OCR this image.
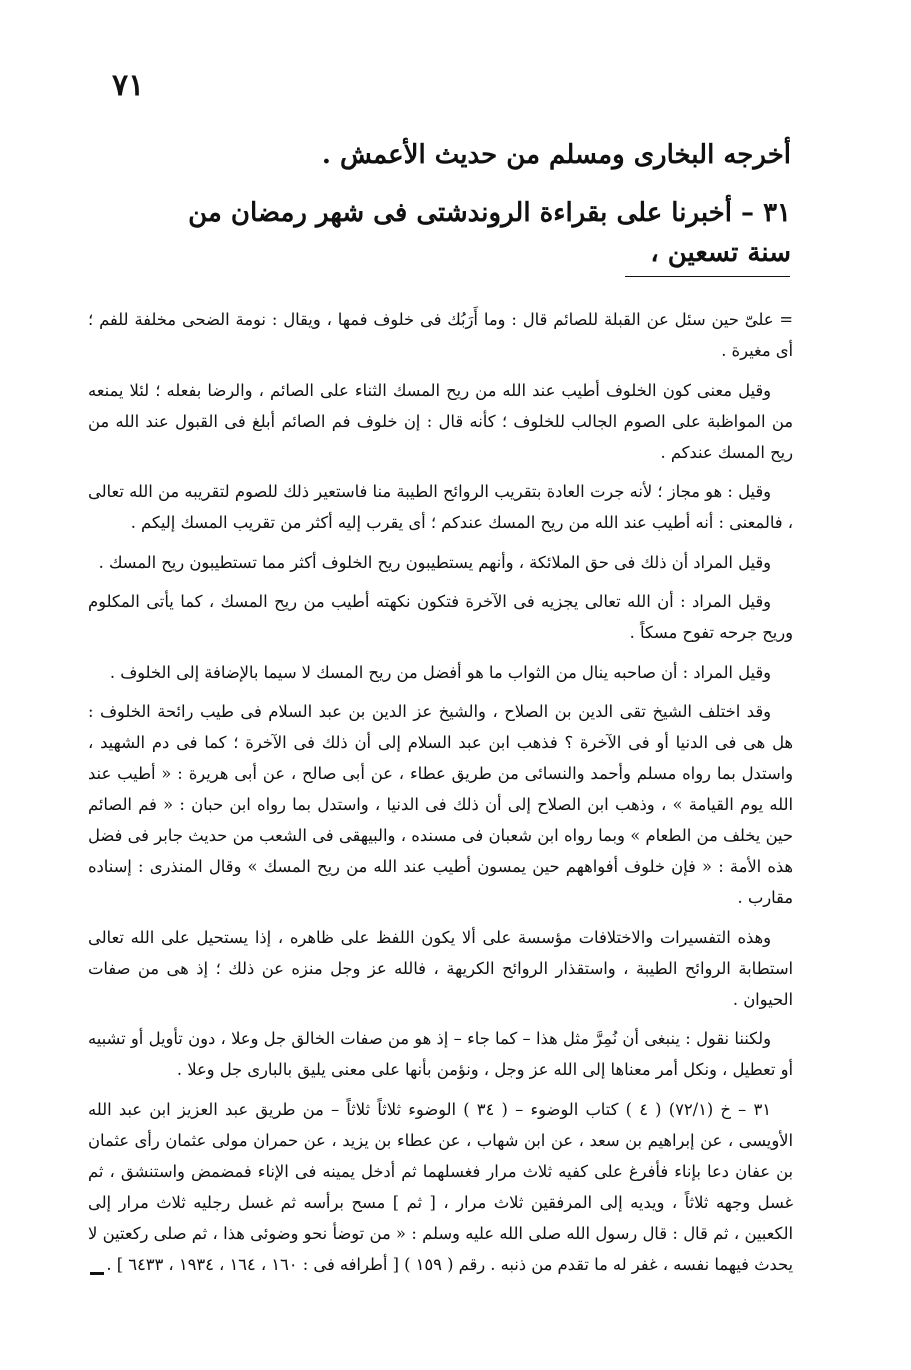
٧١
أخرجه البخارى ومسلم من حديث الأعمش .
٣١ – أخبرنا على بقراءة الروندشتى فى شهر رمضان من سنة تسعين ،

= علىّ حين سئل عن القبلة للصائم قال : وما أَرَبُك فى خلوف فمها ، ويقال : نومة الضحى مخلفة للفم ؛ أى مغيرة .

وقيل معنى كون الخلوف أطيب عند الله من ريح المسك الثناء على الصائم ، والرضا بفعله ؛ لئلا يمنعه من المواظبة على الصوم الجالب للخلوف ؛ كأنه قال : إن خلوف فم الصائم أبلغ فى القبول عند الله من ريح المسك عندكم .

وقيل : هو مجاز ؛ لأنه جرت العادة بتقريب الروائح الطيبة منا فاستعير ذلك للصوم لتقريبه من الله تعالى ، فالمعنى : أنه أطيب عند الله من ريح المسك عندكم ؛ أى يقرب إليه أكثر من تقريب المسك إليكم .

وقيل المراد أن ذلك فى حق الملائكة ، وأنهم يستطيبون ريح الخلوف أكثر مما تستطيبون ريح المسك .

وقيل المراد : أن الله تعالى يجزيه فى الآخرة فتكون نكهته أطيب من ريح المسك ، كما يأتى المكلوم وريح جرحه تفوح مسكاً .

وقيل المراد : أن صاحبه ينال من الثواب ما هو أفضل من ريح المسك لا سيما بالإضافة إلى الخلوف .

وقد اختلف الشيخ تقى الدين بن الصلاح ، والشيخ عز الدين بن عبد السلام فى طيب رائحة الخلوف : هل هى فى الدنيا أو فى الآخرة ؟ فذهب ابن عبد السلام إلى أن ذلك فى الآخرة ؛ كما فى دم الشهيد ، واستدل بما رواه مسلم وأحمد والنسائى من طريق عطاء ، عن أبى صالح ، عن أبى هريرة : « أطيب عند الله يوم القيامة » ، وذهب ابن الصلاح إلى أن ذلك فى الدنيا ، واستدل بما رواه ابن حبان : « فم الصائم حين يخلف من الطعام » وبما رواه ابن شعبان فى مسنده ، والبيهقى فى الشعب من حديث جابر فى فضل هذه الأمة : « فإن خلوف أفواههم حين يمسون أطيب عند الله من ريح المسك » وقال المنذرى : إسناده مقارب .

وهذه التفسيرات والاختلافات مؤسسة على ألا يكون اللفظ على ظاهره ، إذا يستحيل على الله تعالى استطابة الروائح الطيبة ، واستقذار الروائح الكريهة ، فالله عز وجل منزه عن ذلك ؛ إذ هى من صفات الحيوان .

ولكننا نقول : ينبغى أن نُمِرَّ مثل هذا – كما جاء – إذ هو من صفات الخالق جل وعلا ، دون تأويل أو تشبيه أو تعطيل ، ونكل أمر معناها إلى الله عز وجل ، ونؤمن بأنها على معنى يليق بالبارى جل وعلا .

٣١ – خ (٧٢/١) ( ٤ ) كتاب الوضوء – ( ٣٤ ) الوضوء ثلاثاً ثلاثاً – من طريق عبد العزيز ابن عبد الله الأويسى ، عن إبراهيم بن سعد ، عن ابن شهاب ، عن عطاء بن يزيد ، عن حمران مولى عثمان رأى عثمان بن عفان دعا بإناء فأفرغ على كفيه ثلاث مرار فغسلهما ثم أدخل يمينه فى الإناء فمضمض واستنشق ، ثم غسل وجهه ثلاثاً ، ويديه إلى المرفقين ثلاث مرار ، [ ثم ] مسح برأسه ثم غسل رجليه ثلاث مرار إلى الكعبين ، ثم قال : قال رسول الله صلى الله عليه وسلم : « من توضأ نحو وضوئى هذا ، ثم صلى ركعتين لا يحدث فيهما نفسه ، غفر له ما تقدم من ذنبه . رقم ( ١٥٩ ) [ أطرافه فى : ١٦٠ ، ١٦٤ ، ١٩٣٤ ، ٦٤٣٣ ] .
